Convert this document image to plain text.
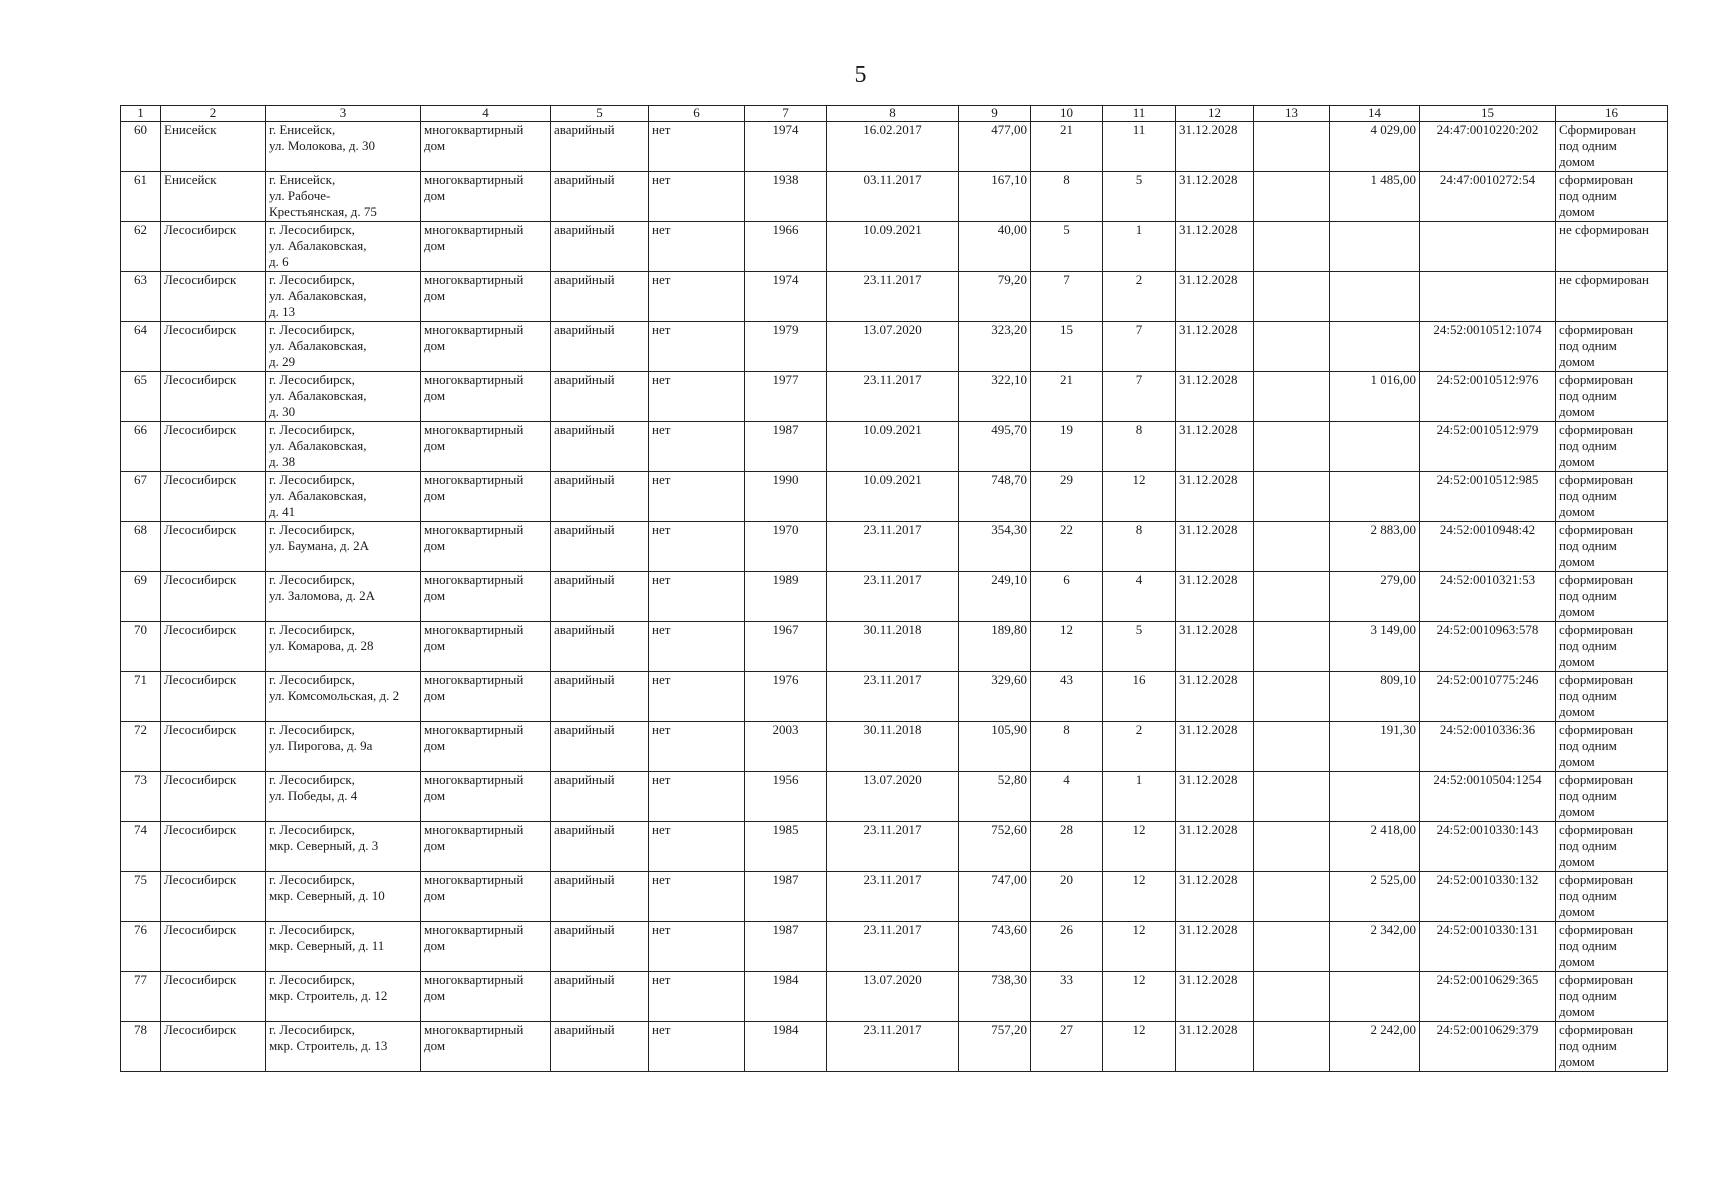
5
1	2	3	4	5	6	7	8	9	10	11	12	13	14	15	16
60	Енисейск	г. Енисейск,
ул. Молокова, д. 30	многоквартирный
дом	аварийный	нет	1974	16.02.2017	477,00	21	11	31.12.2028		4 029,00	24:47:0010220:202	Сформирован
под одним
домом

61	Енисейск	г. Енисейск,
ул. Рабоче-
Крестьянская, д. 75	многоквартирный
дом	аварийный	нет	1938	03.11.2017	167,10	8	5	31.12.2028		1 485,00	24:47:0010272:54	сформирован
под одним
домом

62	Лесосибирск	г. Лесосибирск,
ул. Абалаковская,
д. 6	многоквартирный
дом	аварийный	нет	1966	10.09.2021	40,00	5	1	31.12.2028				не сформирован

63	Лесосибирск	г. Лесосибирск,
ул. Абалаковская,
д. 13	многоквартирный
дом	аварийный	нет	1974	23.11.2017	79,20	7	2	31.12.2028				не сформирован

64	Лесосибирск	г. Лесосибирск,
ул. Абалаковская,
д. 29	многоквартирный
дом	аварийный	нет	1979	13.07.2020	323,20	15	7	31.12.2028			24:52:0010512:1074	сформирован
под одним
домом

65	Лесосибирск	г. Лесосибирск,
ул. Абалаковская,
д. 30	многоквартирный
дом	аварийный	нет	1977	23.11.2017	322,10	21	7	31.12.2028		1 016,00	24:52:0010512:976	сформирован
под одним
домом

66	Лесосибирск	г. Лесосибирск,
ул. Абалаковская,
д. 38	многоквартирный
дом	аварийный	нет	1987	10.09.2021	495,70	19	8	31.12.2028			24:52:0010512:979	сформирован
под одним
домом

67	Лесосибирск	г. Лесосибирск,
ул. Абалаковская,
д. 41	многоквартирный
дом	аварийный	нет	1990	10.09.2021	748,70	29	12	31.12.2028			24:52:0010512:985	сформирован
под одним
домом

68	Лесосибирск	г. Лесосибирск,
ул. Баумана, д. 2А	многоквартирный
дом	аварийный	нет	1970	23.11.2017	354,30	22	8	31.12.2028		2 883,00	24:52:0010948:42	сформирован
под одним
домом

69	Лесосибирск	г. Лесосибирск,
ул. Заломова, д. 2А	многоквартирный
дом	аварийный	нет	1989	23.11.2017	249,10	6	4	31.12.2028		279,00	24:52:0010321:53	сформирован
под одним
домом

70	Лесосибирск	г. Лесосибирск,
ул. Комарова, д. 28	многоквартирный
дом	аварийный	нет	1967	30.11.2018	189,80	12	5	31.12.2028		3 149,00	24:52:0010963:578	сформирован
под одним
домом

71	Лесосибирск	г. Лесосибирск,
ул. Комсомольская, д. 2	многоквартирный
дом	аварийный	нет	1976	23.11.2017	329,60	43	16	31.12.2028		809,10	24:52:0010775:246	сформирован
под одним
домом

72	Лесосибирск	г. Лесосибирск,
ул. Пирогова, д. 9а	многоквартирный
дом	аварийный	нет	2003	30.11.2018	105,90	8	2	31.12.2028		191,30	24:52:0010336:36	сформирован
под одним
домом

73	Лесосибирск	г. Лесосибирск,
ул. Победы, д. 4	многоквартирный
дом	аварийный	нет	1956	13.07.2020	52,80	4	1	31.12.2028			24:52:0010504:1254	сформирован
под одним
домом

74	Лесосибирск	г. Лесосибирск,
мкр. Северный, д. 3	многоквартирный
дом	аварийный	нет	1985	23.11.2017	752,60	28	12	31.12.2028		2 418,00	24:52:0010330:143	сформирован
под одним
домом

75	Лесосибирск	г. Лесосибирск,
мкр. Северный, д. 10	многоквартирный
дом	аварийный	нет	1987	23.11.2017	747,00	20	12	31.12.2028		2 525,00	24:52:0010330:132	сформирован
под одним
домом

76	Лесосибирск	г. Лесосибирск,
мкр. Северный, д. 11	многоквартирный
дом	аварийный	нет	1987	23.11.2017	743,60	26	12	31.12.2028		2 342,00	24:52:0010330:131	сформирован
под одним
домом

77	Лесосибирск	г. Лесосибирск,
мкр. Строитель, д. 12	многоквартирный
дом	аварийный	нет	1984	13.07.2020	738,30	33	12	31.12.2028			24:52:0010629:365	сформирован
под одним
домом

78	Лесосибирск	г. Лесосибирск,
мкр. Строитель, д. 13	многоквартирный
дом	аварийный	нет	1984	23.11.2017	757,20	27	12	31.12.2028		2 242,00	24:52:0010629:379	сформирован
под одним
домом
